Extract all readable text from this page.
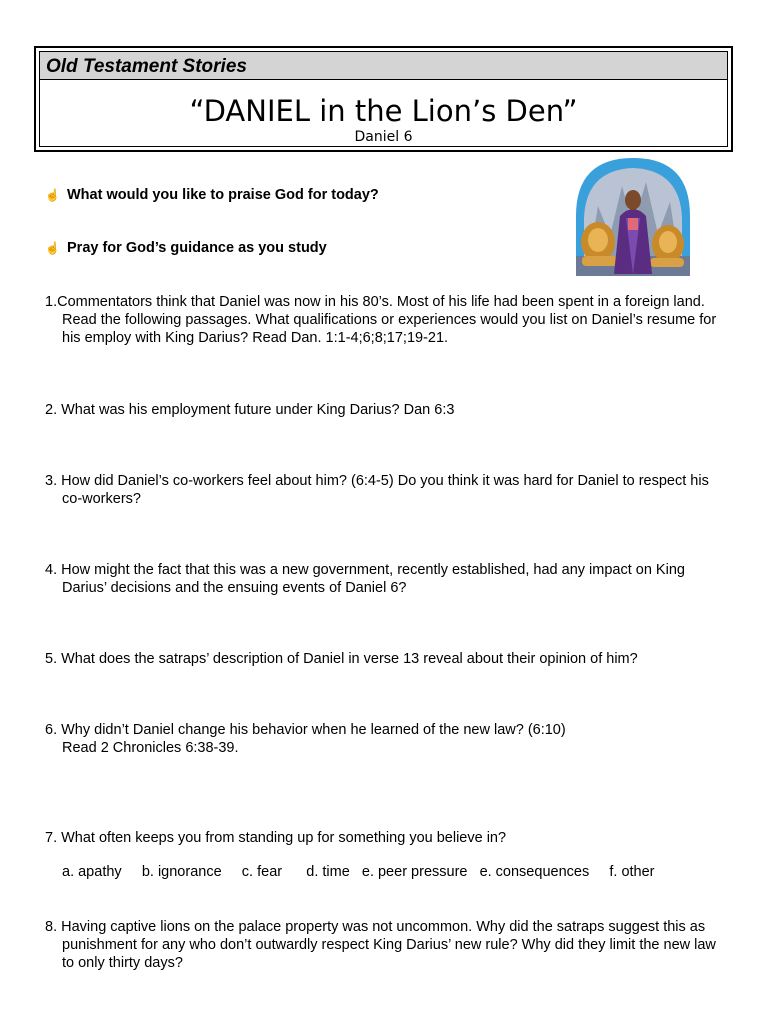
Old Testament Stories
“DANIEL in the Lion’s Den”
Daniel 6
☝ What would you like to praise God for today?
☝ Pray for God’s guidance as you study
1.Commentators think that Daniel was now in his 80’s. Most of his life had been spent in a foreign land. Read the following passages. What qualifications or experiences would you list on Daniel’s resume for his employ with King Darius? Read Dan. 1:1-4;6;8;17;19-21.
2. What was his employment future under King Darius? Dan 6:3
3. How did Daniel’s co-workers feel about him? (6:4-5) Do you think it was hard for Daniel to respect his co-workers?
4. How might the fact that this was a new government, recently established, had any impact on King Darius’ decisions and the ensuing events of Daniel 6?
5. What does the satraps’ description of Daniel in verse 13 reveal about their opinion of him?
6. Why didn’t Daniel change his behavior when he learned of the new law? (6:10)
Read 2 Chronicles 6:38-39.
7. What often keeps you from standing up for something you believe in?
a. apathy b. ignorance c. fear d. time e. peer pressure e. consequences f. other
8. Having captive lions on the palace property was not uncommon. Why did the satraps suggest this as punishment for any who don’t outwardly respect King Darius’ new rule? Why did they limit the new law to only thirty days?
